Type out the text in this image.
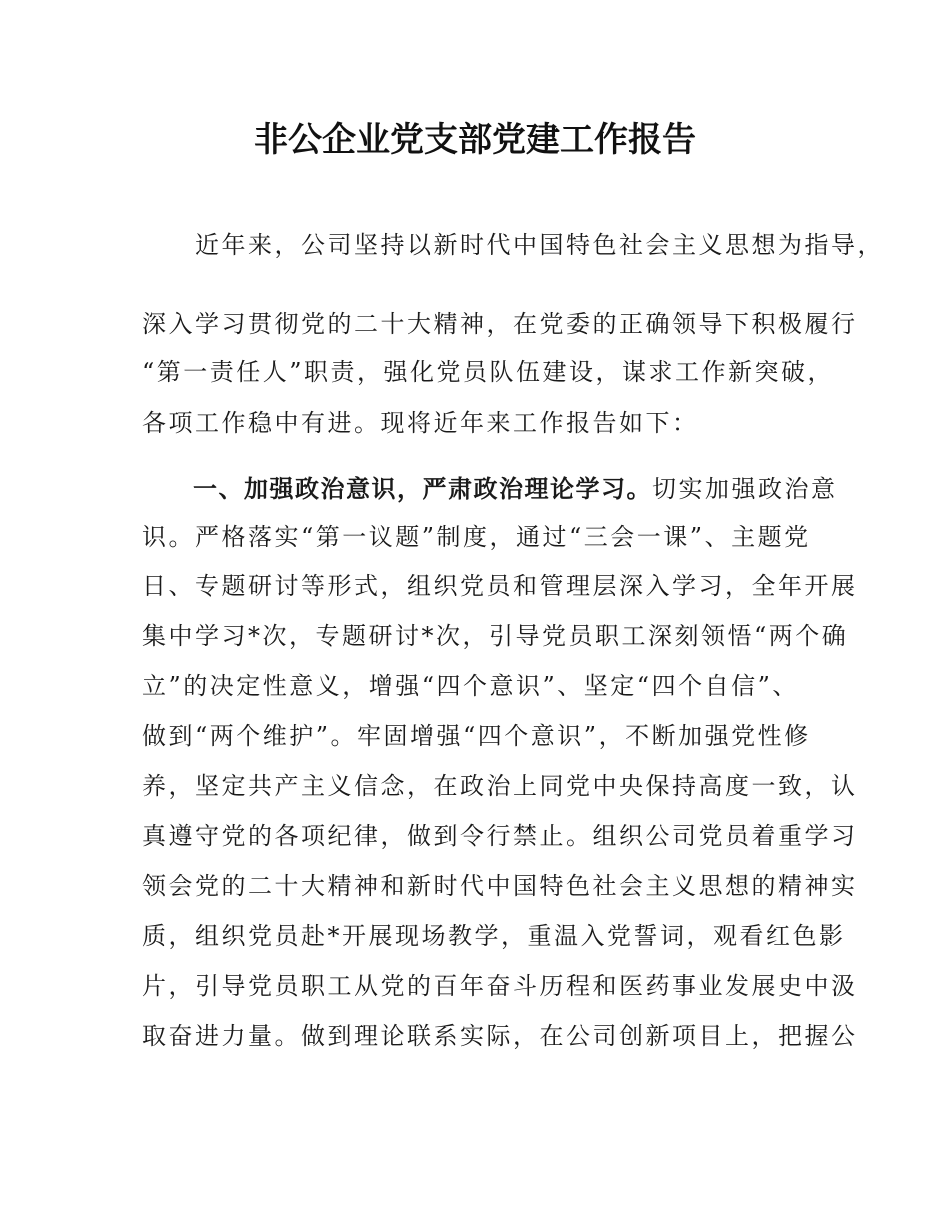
非公企业党支部党建工作报告

　　近年来，公司坚持以新时代中国特色社会主义思想为指导，

深入学习贯彻党的二十大精神，在党委的正确领导下积极履行

“第一责任人”职责，强化党员队伍建设，谋求工作新突破，

各项工作稳中有进。现将近年来工作报告如下：

　　一、加强政治意识，严肃政治理论学习。切实加强政治意

识。严格落实“第一议题”制度，通过“三会一课”、主题党

日、专题研讨等形式，组织党员和管理层深入学习，全年开展

集中学习*次，专题研讨*次，引导党员职工深刻领悟“两个确

立”的决定性意义，增强“四个意识”、坚定“四个自信”、

做到“两个维护”。牢固增强“四个意识”，不断加强党性修

养，坚定共产主义信念，在政治上同党中央保持高度一致，认

真遵守党的各项纪律，做到令行禁止。组织公司党员着重学习

领会党的二十大精神和新时代中国特色社会主义思想的精神实

质，组织党员赴*开展现场教学，重温入党誓词，观看红色影

片，引导党员职工从党的百年奋斗历程和医药事业发展史中汲

取奋进力量。做到理论联系实际，在公司创新项目上，把握公
